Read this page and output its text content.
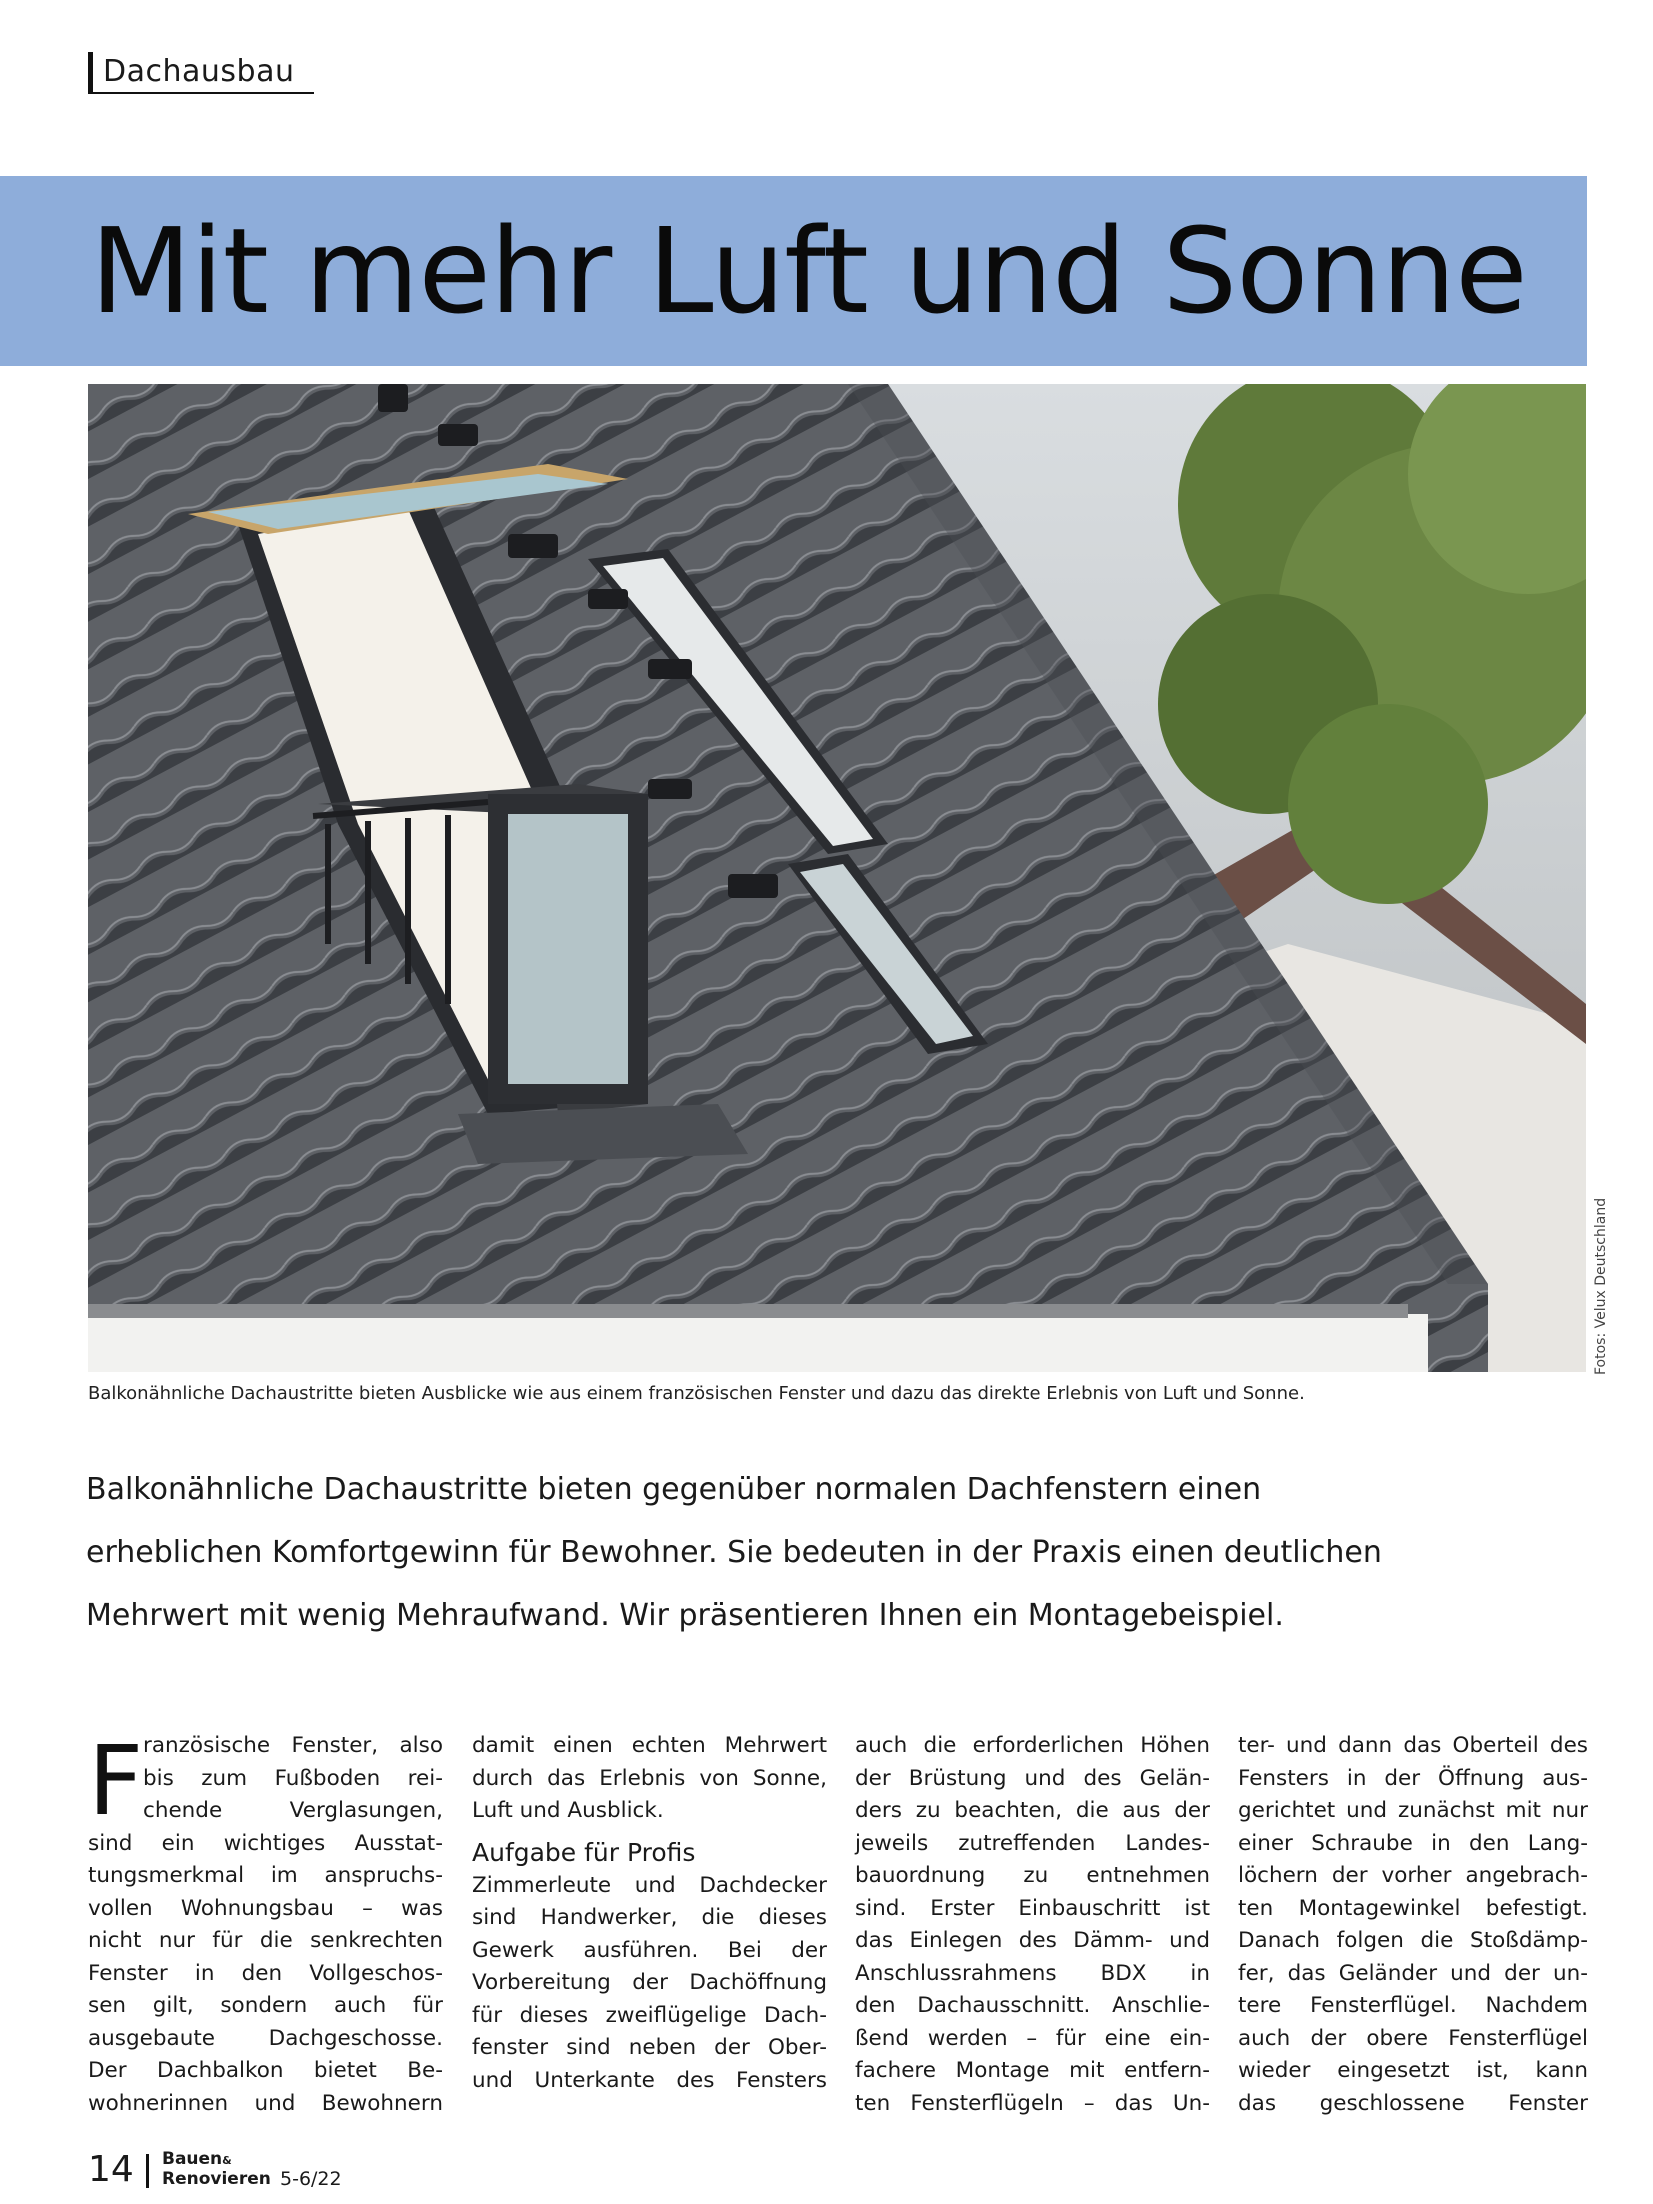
Dachausbau
Mit mehr Luft und Sonne
Fotos: Velux Deutschland
Balkonähnliche Dachaustritte bieten Ausblicke wie aus einem französischen Fenster und dazu das direkte Erlebnis von Luft und Sonne.
Balkonähnliche Dachaustritte bieten gegenüber normalen Dachfenstern einen
erheblichen Komfortgewinn für Bewohner. Sie bedeuten in der Praxis einen deutlichen
Mehrwert mit wenig Mehraufwand. Wir präsentieren Ihnen ein Montagebeispiel.
F ranzösische Fenster, also
bis zum Fußboden rei-
chende Verglasungen,
sind ein wichtiges Ausstat-
tungsmerkmal im anspruchs-
vollen Wohnungsbau – was
nicht nur für die senkrechten
Fenster in den Vollgeschos-
sen gilt, sondern auch für
ausgebaute Dachgeschosse.
Der Dachbalkon bietet Be-
wohnerinnen und Bewohnern
damit einen echten Mehrwert
durch das Erlebnis von Sonne,
Luft und Ausblick.
Aufgabe für Profis
Zimmerleute und Dachdecker
sind Handwerker, die dieses
Gewerk ausführen. Bei der
Vorbereitung der Dachöffnung
für dieses zweiflügelige Dach-
fenster sind neben der Ober-
und Unterkante des Fensters
auch die erforderlichen Höhen
der Brüstung und des Gelän-
ders zu beachten, die aus der
jeweils zutreffenden Landes-
bauordnung zu entnehmen
sind. Erster Einbauschritt ist
das Einlegen des Dämm- und
Anschlussrahmens BDX in
den Dachausschnitt. Anschlie-
ßend werden – für eine ein-
fachere Montage mit entfern-
ten Fensterflügeln – das Un-
ter- und dann das Oberteil des
Fensters in der Öffnung aus-
gerichtet und zunächst mit nur
einer Schraube in den Lang-
löchern der vorher angebrach-
ten Montagewinkel befestigt.
Danach folgen die Stoßdämp-
fer, das Geländer und der un-
tere Fensterflügel. Nachdem
auch der obere Fensterflügel
wieder eingesetzt ist, kann
das geschlossene Fenster
14 Bauen&
Renovieren 5-6/22
